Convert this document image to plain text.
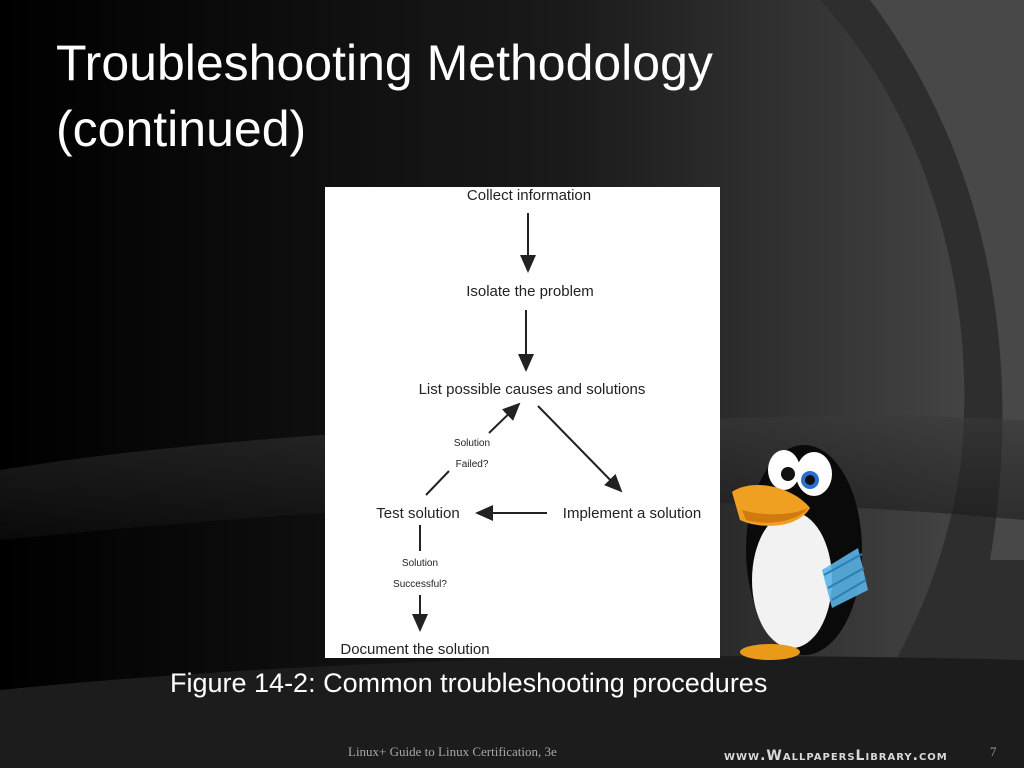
Troubleshooting Methodology
(continued)
Collect information
Isolate the problem
List possible causes and solutions
Implement a solution
Test solution
Solution
Failed?
Solution
Successful?
Document the solution
Figure 14-2: Common troubleshooting procedures
Linux+ Guide to Linux Certification, 3e	www.WallpapersLibrary.com	7
